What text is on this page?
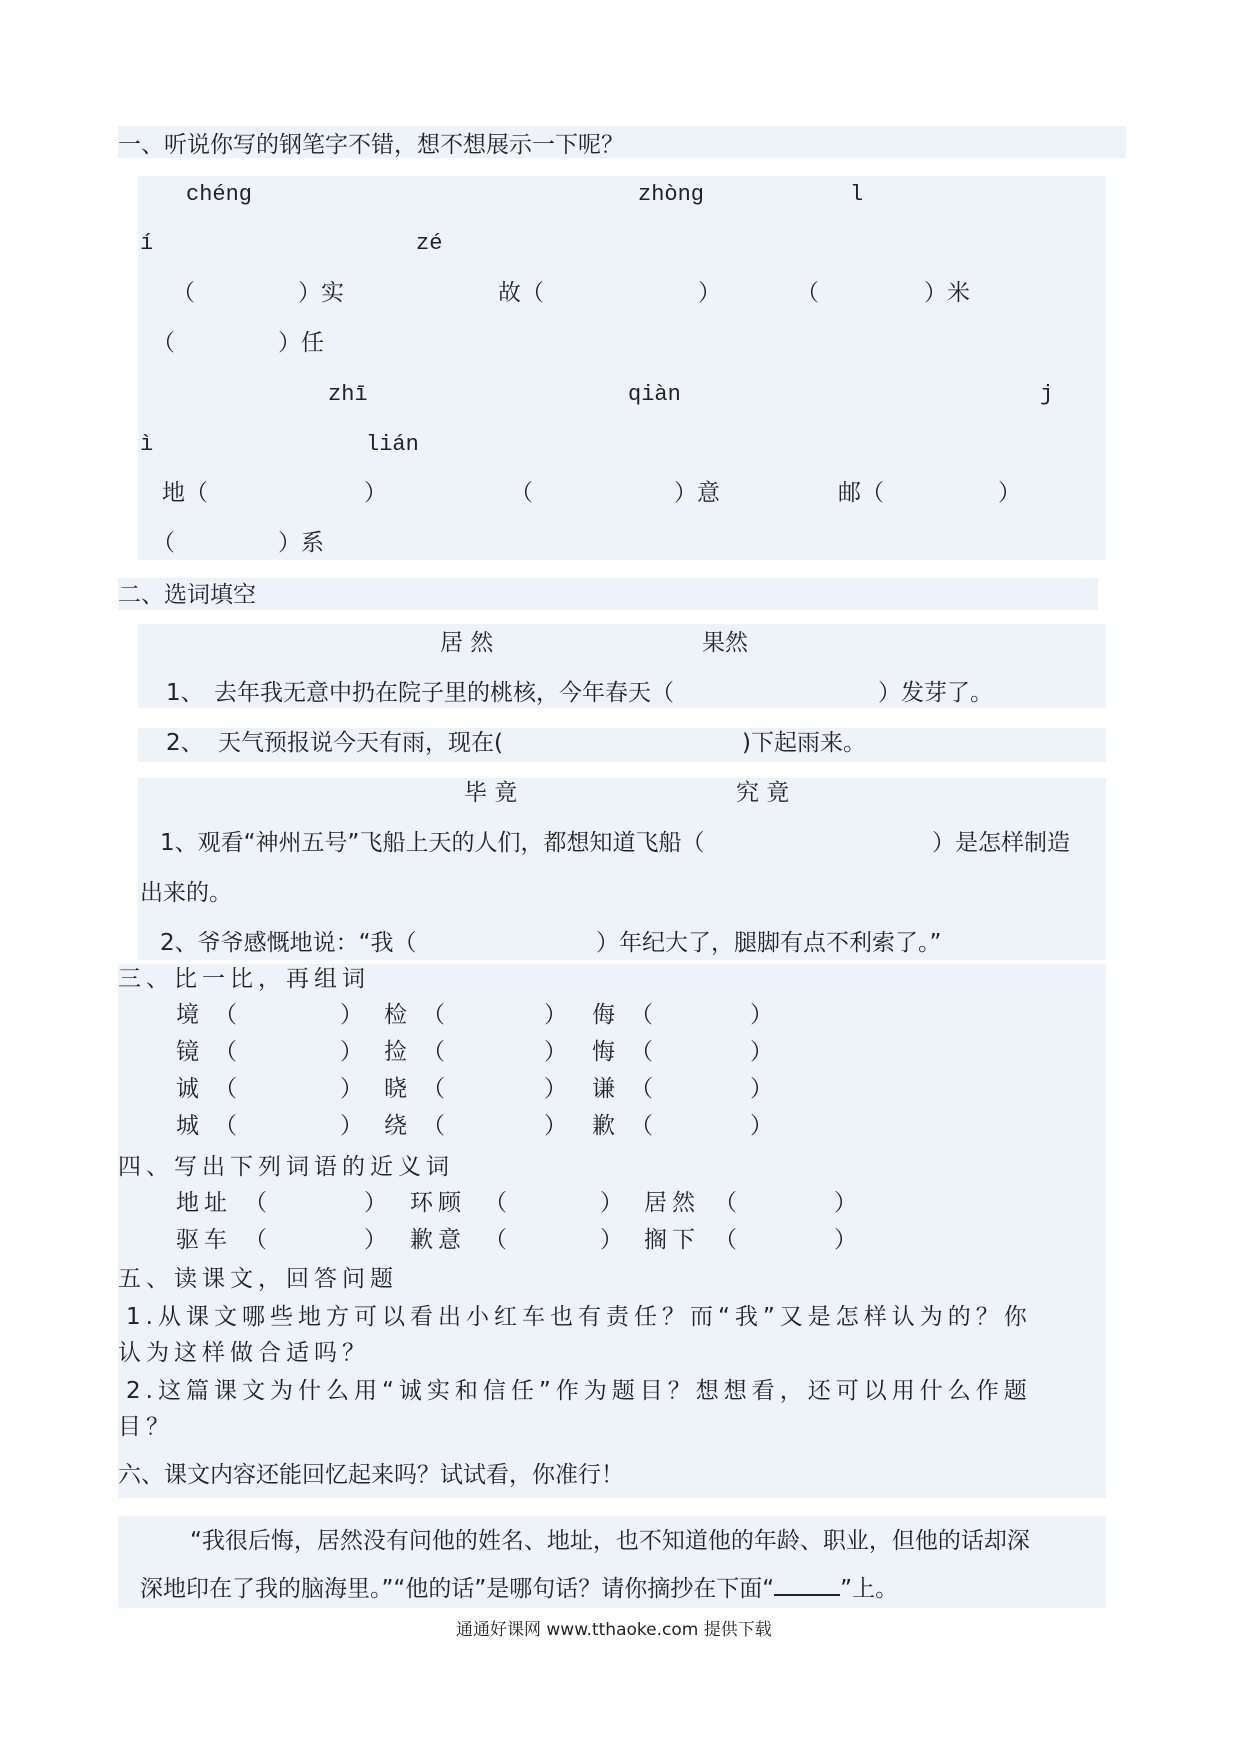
一、听说你写的钢笔字不错，想不想展示一下呢？
chéng	zhòng	l
í	zé
（	）实	故（	）	（	）米
（	）任
zhī	qiàn	j
ì	lián
地（	）	（	）意	邮（	）
（	）系
二、选词填空
居 然	果然
1、 去年我无意中扔在院子里的桃核，今年春天（	）发芽了。
2、 天气预报说今天有雨，现在(	)下起雨来。
毕 竟	究 竟
1、观看“神州五号”飞船上天的人们，都想知道飞船（	）是怎样制造
出来的。
2、爷爷感慨地说：“我（	）年纪大了，腿脚有点不利索了。”
三、比一比，再组词
境 （	） 检 （	） 侮 （	）
镜 （	） 捡 （	） 悔 （	）
诚 （	） 晓 （	） 谦 （	）
城 （	） 绕 （	） 歉 （	）
四、写出下列词语的近义词
地址 （	） 环顾 （	） 居然 （	）
驱车 （	） 歉意 （	） 搁下 （	）
五、读课文，回答问题
1.从课文哪些地方可以看出小红车也有责任？而“我”又是怎样认为的？你
认为这样做合适吗？
2.这篇课文为什么用“诚实和信任”作为题目？想想看，还可以用什么作题
目？
六、课文内容还能回忆起来吗？试试看，你准行！
“我很后悔，居然没有问他的姓名、地址，也不知道他的年龄、职业，但他的话却深
深地印在了我的脑海里。”“他的话”是哪句话？请你摘抄在下面“	”上。
通通好课网 www.tthaoke.com 提供下载
